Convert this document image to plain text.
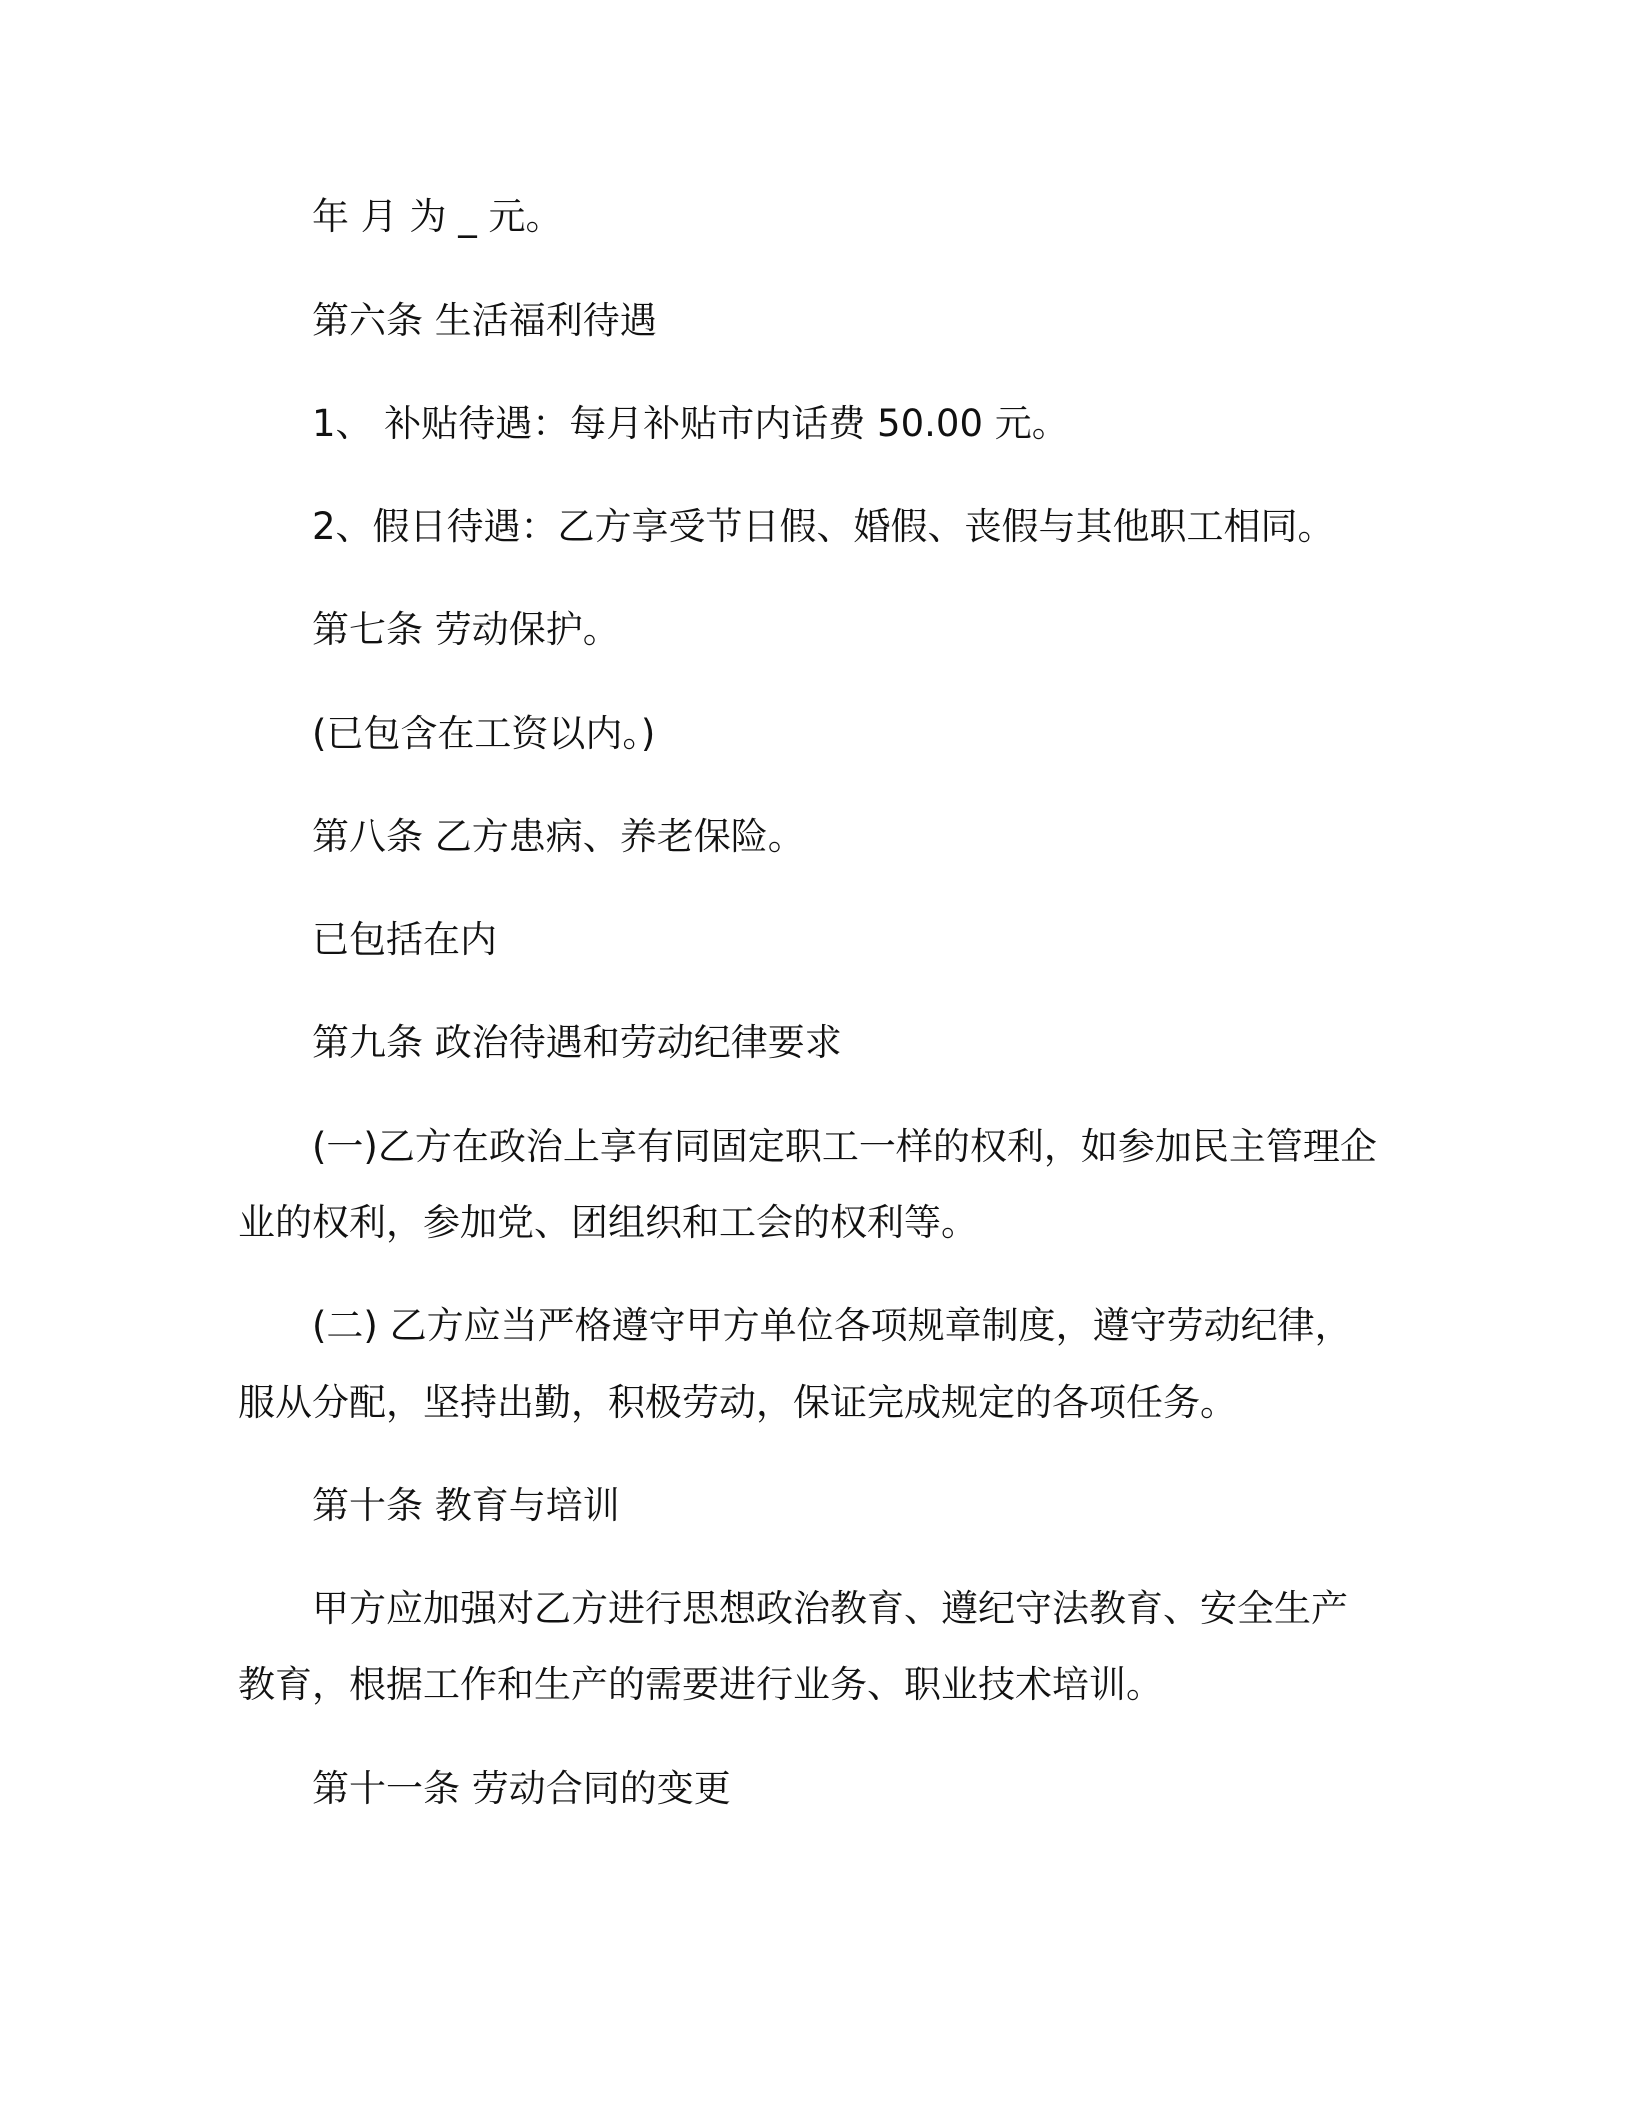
年 月 为 _ 元。
第六条 生活福利待遇
1、 补贴待遇：每月补贴市内话费 50.00 元。
2、假日待遇：乙方享受节日假、婚假、丧假与其他职工相同。
第七条 劳动保护。
(已包含在工资以内。)
第八条 乙方患病、养老保险。
已包括在内
第九条 政治待遇和劳动纪律要求
(一)乙方在政治上享有同固定职工一样的权利，如参加民主管理企
业的权利，参加党、团组织和工会的权利等。
(二) 乙方应当严格遵守甲方单位各项规章制度，遵守劳动纪律，
服从分配，坚持出勤，积极劳动，保证完成规定的各项任务。
第十条 教育与培训
甲方应加强对乙方进行思想政治教育、遵纪守法教育、安全生产
教育，根据工作和生产的需要进行业务、职业技术培训。
第十一条 劳动合同的变更
